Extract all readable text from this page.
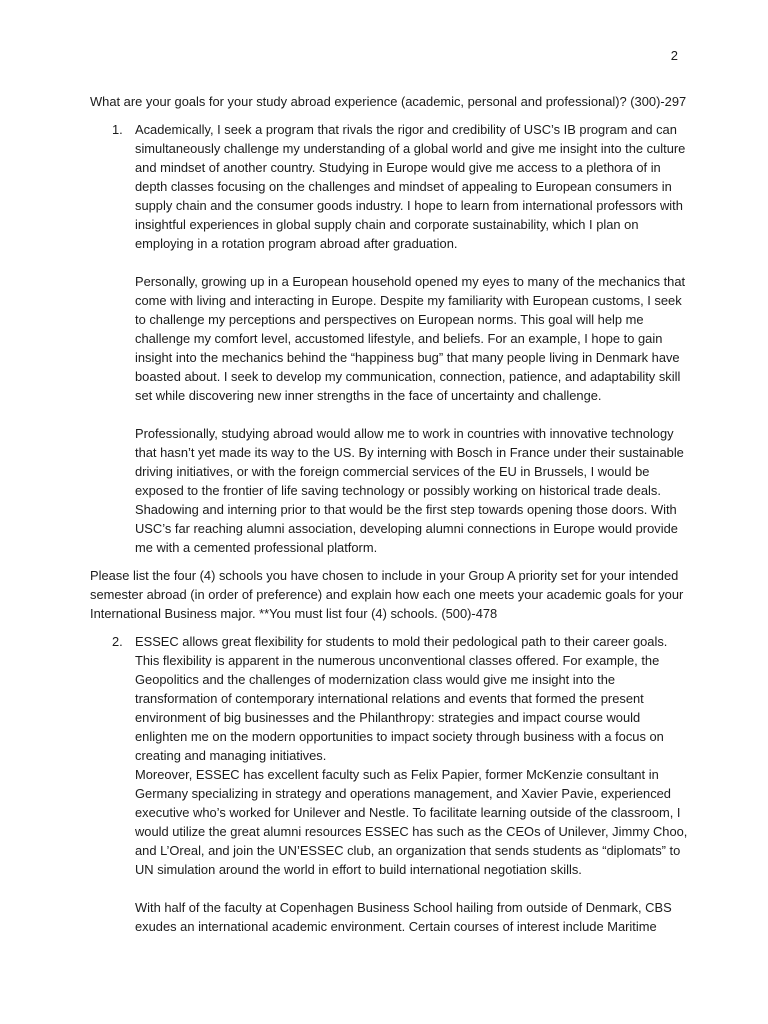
2

What are your goals for your study abroad experience (academic, personal and professional)? (300)-297

1. Academically, I seek a program that rivals the rigor and credibility of USC’s IB program and can simultaneously challenge my understanding of a global world and give me insight into the culture and mindset of another country. Studying in Europe would give me access to a plethora of in depth classes focusing on the challenges and mindset of appealing to European consumers in supply chain and the consumer goods industry. I hope to learn from international professors with insightful experiences in global supply chain and corporate sustainability, which I plan on employing in a rotation program abroad after graduation.

Personally, growing up in a European household opened my eyes to many of the mechanics that come with living and interacting in Europe. Despite my familiarity with European customs, I seek to challenge my perceptions and perspectives on European norms. This goal will help me challenge my comfort level, accustomed lifestyle, and beliefs. For an example, I hope to gain insight into the mechanics behind the “happiness bug” that many people living in Denmark have boasted about. I seek to develop my communication, connection, patience, and adaptability skill set while discovering new inner strengths in the face of uncertainty and challenge.

Professionally, studying abroad would allow me to work in countries with innovative technology that hasn’t yet made its way to the US. By interning with Bosch in France under their sustainable driving initiatives, or with the foreign commercial services of the EU in Brussels, I would be exposed to the frontier of life saving technology or possibly working on historical trade deals. Shadowing and interning prior to that would be the first step towards opening those doors. With USC’s far reaching alumni association, developing alumni connections in Europe would provide me with a cemented professional platform.

Please list the four (4) schools you have chosen to include in your Group A priority set for your intended semester abroad (in order of preference) and explain how each one meets your academic goals for your International Business major. **You must list four (4) schools. (500)-478

2. ESSEC allows great flexibility for students to mold their pedological path to their career goals. This flexibility is apparent in the numerous unconventional classes offered. For example, the Geopolitics and the challenges of modernization class would give me insight into the transformation of contemporary international relations and events that formed the present environment of big businesses and the Philanthropy: strategies and impact course would enlighten me on the modern opportunities to impact society through business with a focus on creating and managing initiatives.

Moreover, ESSEC has excellent faculty such as Felix Papier, former McKenzie consultant in Germany specializing in strategy and operations management, and Xavier Pavie, experienced executive who’s worked for Unilever and Nestle. To facilitate learning outside of the classroom, I would utilize the great alumni resources ESSEC has such as the CEOs of Unilever, Jimmy Choo, and L’Oreal, and join the UN’ESSEC club, an organization that sends students as “diplomats” to UN simulation around the world in effort to build international negotiation skills.

With half of the faculty at Copenhagen Business School hailing from outside of Denmark, CBS exudes an international academic environment. Certain courses of interest include Maritime
